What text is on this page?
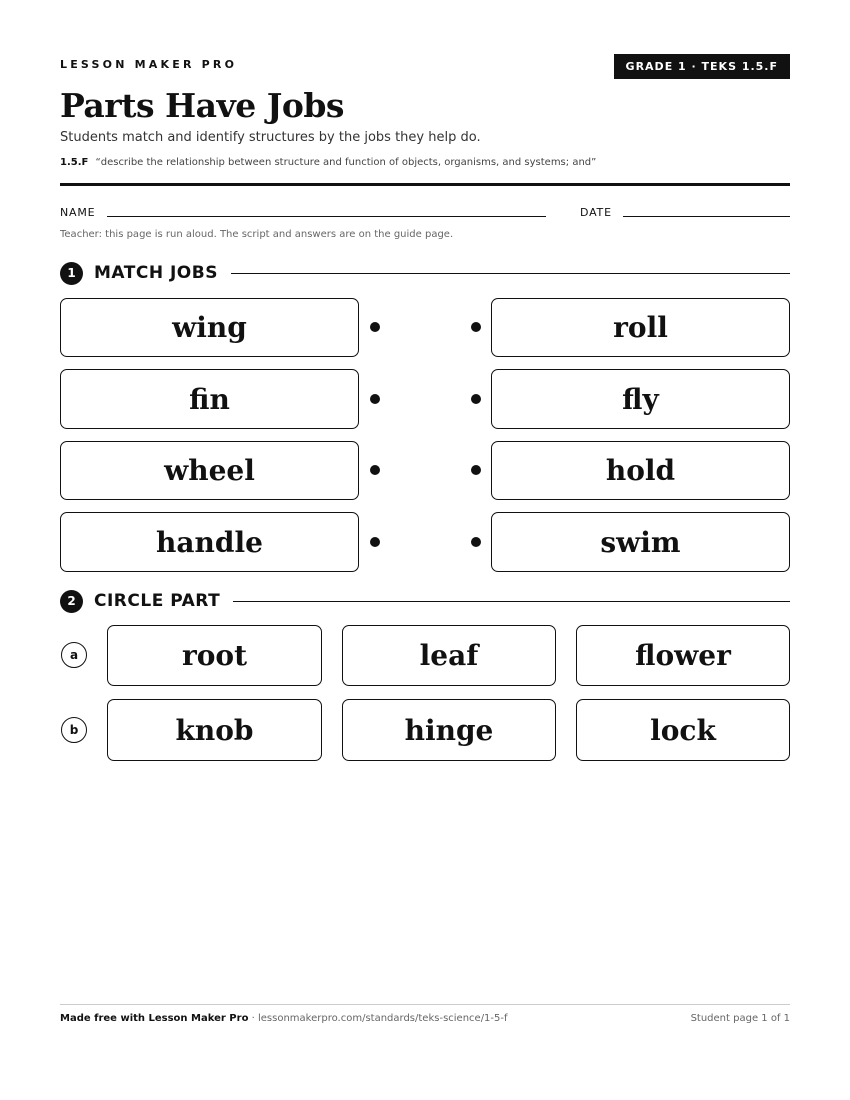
LESSON MAKER PRO	GRADE 1 · TEKS 1.5.F
Parts Have Jobs
Students match and identify structures by the jobs they help do.
1.5.F “describe the relationship between structure and function of objects, organisms, and systems; and”
NAME	DATE
Teacher: this page is run aloud. The script and answers are on the guide page.
1	MATCH JOBS
wing	roll
fin	fly
wheel	hold
handle	swim
2	CIRCLE PART
a	root	leaf	flower
b	knob	hinge	lock
Made free with Lesson Maker Pro · lessonmakerpro.com/standards/teks-science/1-5-f	Student page 1 of 1
